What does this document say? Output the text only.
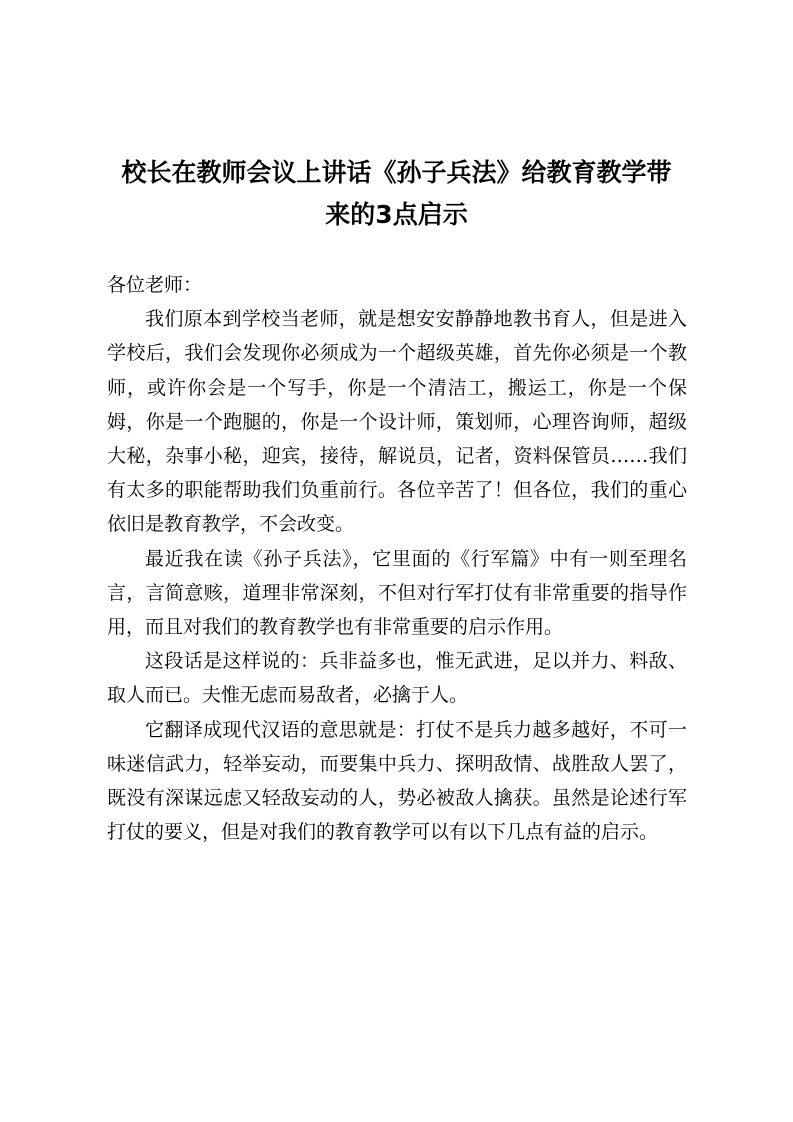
校长在教师会议上讲话《孙子兵法》给教育教学带
来的3点启示

各位老师：

我们原本到学校当老师，就是想安安静静地教书育人，但是进入学校后，我们会发现你必须成为一个超级英雄，首先你必须是一个教师，或许你会是一个写手，你是一个清洁工，搬运工，你是一个保姆，你是一个跑腿的，你是一个设计师，策划师，心理咨询师，超级大秘，杂事小秘，迎宾，接待，解说员，记者，资料保管员……我们有太多的职能帮助我们负重前行。各位辛苦了！但各位，我们的重心依旧是教育教学，不会改变。

最近我在读《孙子兵法》，它里面的《行军篇》中有一则至理名言，言简意赅，道理非常深刻，不但对行军打仗有非常重要的指导作用，而且对我们的教育教学也有非常重要的启示作用。

这段话是这样说的：兵非益多也，惟无武进，足以并力、料敌、取人而已。夫惟无虑而易敌者，必擒于人。

它翻译成现代汉语的意思就是：打仗不是兵力越多越好，不可一味迷信武力，轻举妄动，而要集中兵力、探明敌情、战胜敌人罢了，既没有深谋远虑又轻敌妄动的人，势必被敌人擒获。虽然是论述行军打仗的要义，但是对我们的教育教学可以有以下几点有益的启示。
